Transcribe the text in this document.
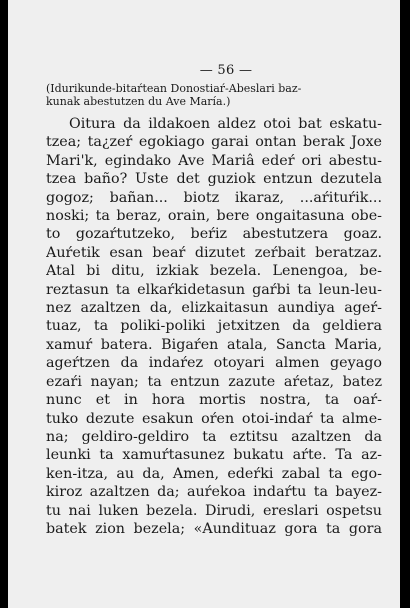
— 56 —
(Idurikunde-bitaŕtean Donostiaŕ-Abeslari baz-
kunak abestutzen du Ave María.)
Oitura da ildakoen aldez otoi bat eskatu-
tzea; ta¿zeŕ egokiago garai ontan berak Joxe
Mari'k, egindako Ave Mariâ edeŕ ori abestu-
tzea baño? Uste det guziok entzun dezutela
gogoz; bañan... biotz ikaraz, ...aŕituŕik...
noski; ta beraz, orain, bere ongaitasuna obe-
to gozaŕtutzeko, beŕiz abestutzera goaz.
Auŕetik esan beaŕ dizutet zeŕbait beratzaz.
Atal bi ditu, izkiak bezela. Lenengoa, be-
reztasun ta elkaŕkidetasun gaŕbi ta leun-leu-
nez azaltzen da, elizkaitasun aundiya ageŕ-
tuaz, ta poliki-poliki jetxitzen da geldiera
xamuŕ batera. Bigaŕen atala, Sancta Maria,
ageŕtzen da indaŕez otoyari almen geyago
ezaŕi nayan; ta entzun zazute aŕetaz, batez
nunc et in hora mortis nostra, ta oaŕ-
tuko dezute esakun oŕen otoi-indaŕ ta almе-
na; geldiro-geldiro ta eztitsu azaltzen da
leunki ta xamuŕtasunez bukatu aŕte. Ta az-
ken-itza, au da, Amen, edeŕki zabal ta ego-
kiroz azaltzen da; auŕekoa indaŕtu ta bayez-
tu nai luken bezela. Dirudi, ereslari ospetsu
batek zion bezela; «Aundituaz gora ta gora
